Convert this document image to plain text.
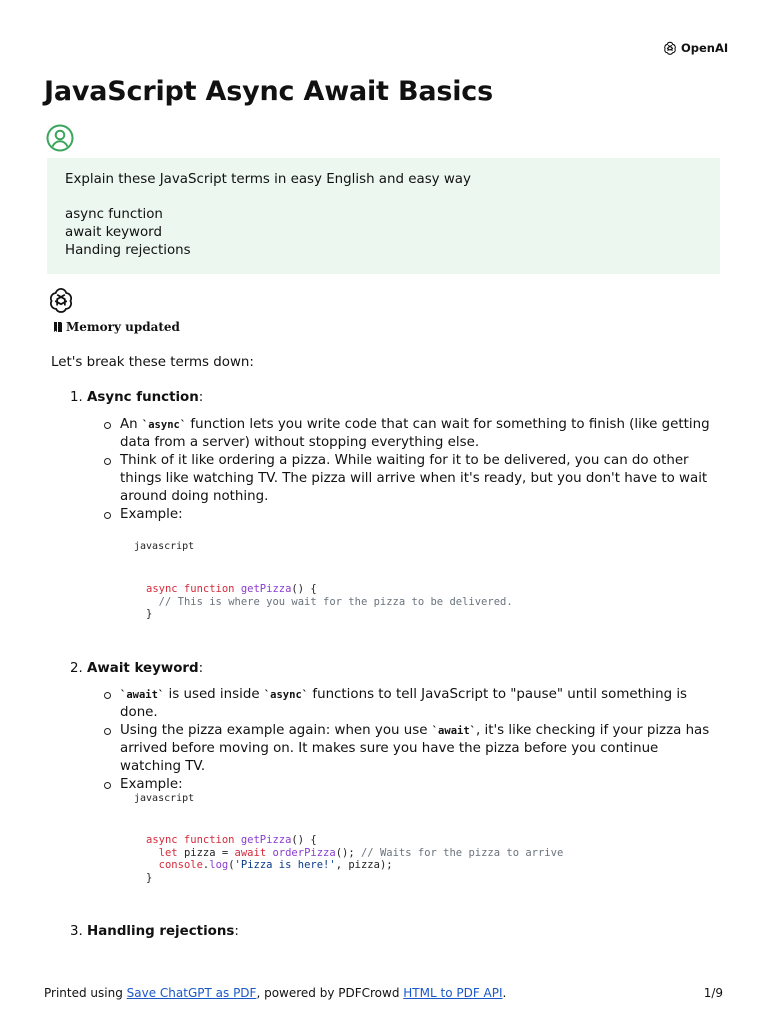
OpenAI
JavaScript Async Await Basics

Explain these JavaScript terms in easy English and easy way

async function

await keyword

Handing rejections

Memory updated

Let's break these terms down:

1. Async function:

An `async` function lets you write code that can wait for something to finish (like getting data from a server) without stopping everything else.
Think of it like ordering a pizza. While waiting for it to be delivered, you can do other things like watching TV. The pizza will arrive when it's ready, but you don't have to wait around doing nothing.
Example:
javascript
async function getPizza() {
// This is where you wait for the pizza to be delivered.
}

2. Await keyword:

`await` is used inside `async` functions to tell JavaScript to "pause" until something is done.
Using the pizza example again: when you use `await`, it's like checking if your pizza has arrived before moving on. It makes sure you have the pizza before you continue watching TV.
Example:
javascript
async function getPizza() {
let pizza = await orderPizza(); // Waits for the pizza to arrive
console.log('Pizza is here!', pizza);
}

3. Handling rejections:

Printed using Save ChatGPT as PDF, powered by PDFCrowd HTML to PDF API.	1/9
